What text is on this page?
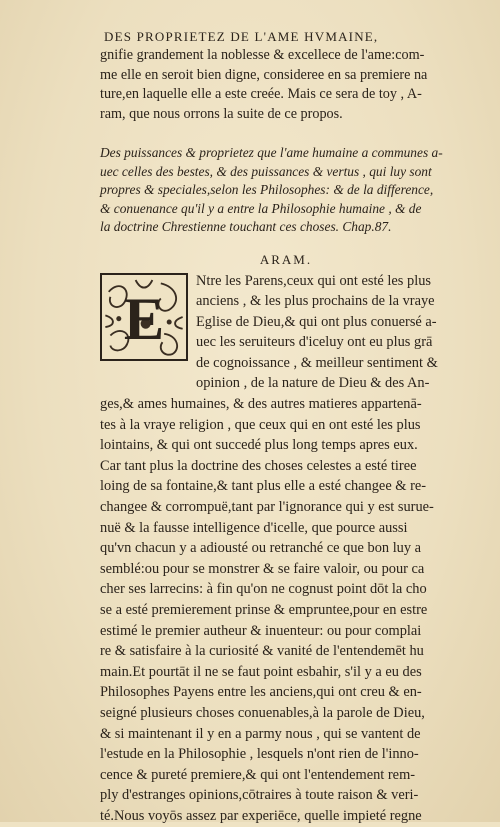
DES PROPRIETEZ DE L'AME HVMAINE,
gnifie grandement la noblesse & excellece de l'ame:com-
me elle en seroit bien digne, consideree en sa premiere na
ture,en laquelle elle a este creée. Mais ce sera de toy , A-
ram, que nous orrons la suite de ce propos.
Des puissances & proprietez que l'ame humaine a communes a-
uec celles des bestes, & des puissances & vertus , qui luy sont
propres & speciales,selon les Philosophes: & de la difference,
& conuenance qu'il y a entre la Philosophie humaine , & de
la doctrine Chrestienne touchant ces choses. Chap.87.
ARAM.
E
Ntre les Parens,ceux qui ont esté les plus
anciens , & les plus prochains de la vraye
Eglise de Dieu,& qui ont plus conuersé a-
uec les seruiteurs d'iceluy ont eu plus grā
de cognoissance , & meilleur sentiment &
opinion , de la nature de Dieu & des An-
ges,& ames humaines, & des autres matieres appartenā-
tes à la vraye religion , que ceux qui en ont esté les plus
lointains, & qui ont succedé plus long temps apres eux.
Car tant plus la doctrine des choses celestes a esté tiree
loing de sa fontaine,& tant plus elle a esté changee & re-
changee & corrompuë,tant par l'ignorance qui y est surue-
nuë & la fausse intelligence d'icelle, que pource aussi
qu'vn chacun y a adiousté ou retranché ce que bon luy a
semblé:ou pour se monstrer & se faire valoir, ou pour ca
cher ses larrecins: à fin qu'on ne cognust point dōt la cho
se a esté premierement prinse & empruntee,pour en estre
estimé le premier autheur & inuenteur: ou pour complai
re & satisfaire à la curiosité & vanité de l'entendemēt hu
main.Et pourtāt il ne se faut point esbahir, s'il y a eu des
Philosophes Payens entre les anciens,qui ont creu & en-
seigné plusieurs choses conuenables,à la parole de Dieu,
& si maintenant il y en a parmy nous , qui se vantent de
l'estude en la Philosophie , lesquels n'ont rien de l'inno-
cence & pureté premiere,& qui ont l'entendement rem-
ply d'estranges opinions,cōtraires à toute raison & veri-
té.Nous voyōs assez par experiēce, quelle impieté regne
